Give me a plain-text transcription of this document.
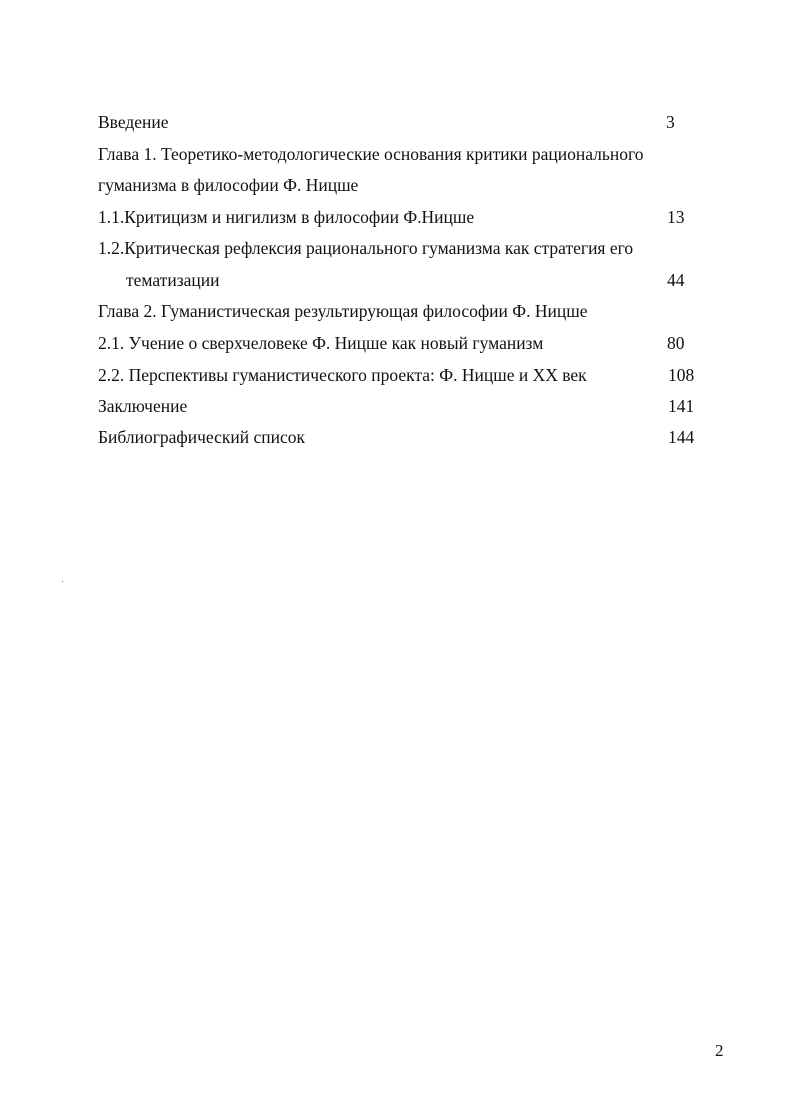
Введение	3
Глава 1. Теоретико-методологические основания критики рационального
гуманизма в философии Ф. Ницше
1.1.Критицизм и нигилизм в философии Ф.Ницше	13
1.2.Критическая рефлексия рационального гуманизма как стратегия его
тематизации	44
Глава 2. Гуманистическая результирующая философии Ф. Ницше
2.1. Учение о сверхчеловеке Ф. Ницше как новый гуманизм	80
2.2. Перспективы гуманистического проекта: Ф. Ницше и XX век	108
Заключение	141
Библиографический список	144
2
